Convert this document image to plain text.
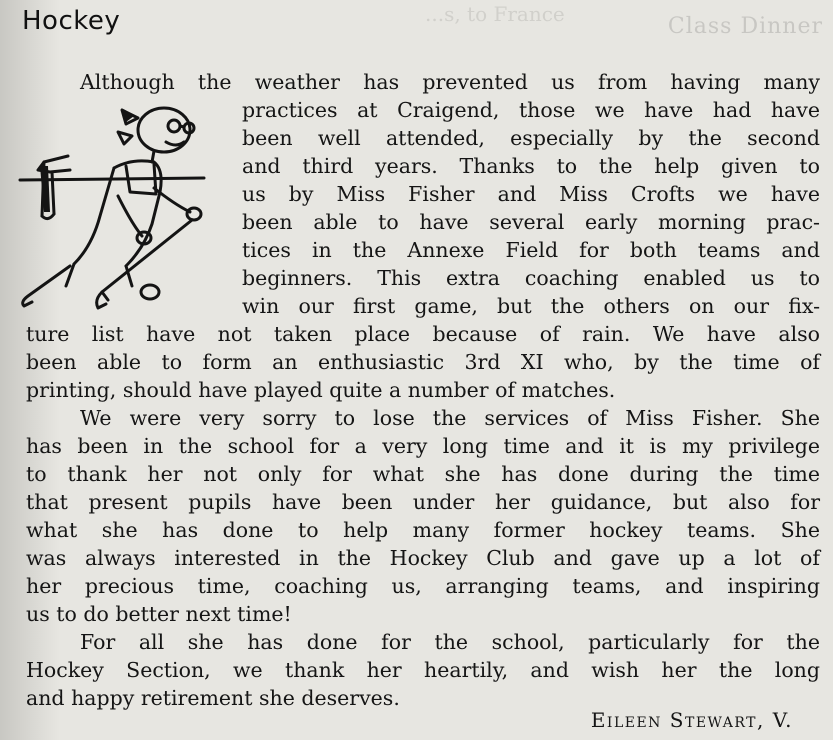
Class Dinner
...s, to France
Hockey
Although the weather has prevented us from having many
practices at Craigend, those we have had have
been well attended, especially by the second
and third years. Thanks to the help given to
us by Miss Fisher and Miss Crofts we have
been able to have several early morning prac-
tices in the Annexe Field for both teams and
beginners. This extra coaching enabled us to
win our first game, but the others on our fix-
ture list have not taken place because of rain. We have also
been able to form an enthusiastic 3rd XI who, by the time of
printing, should have played quite a number of matches.
We were very sorry to lose the services of Miss Fisher. She
has been in the school for a very long time and it is my privilege
to thank her not only for what she has done during the time
that present pupils have been under her guidance, but also for
what she has done to help many former hockey teams. She
was always interested in the Hockey Club and gave up a lot of
her precious time, coaching us, arranging teams, and inspiring
us to do better next time!
For all she has done for the school, particularly for the
Hockey Section, we thank her heartily, and wish her the long
and happy retirement she deserves.
Eileen Stewart, V.
